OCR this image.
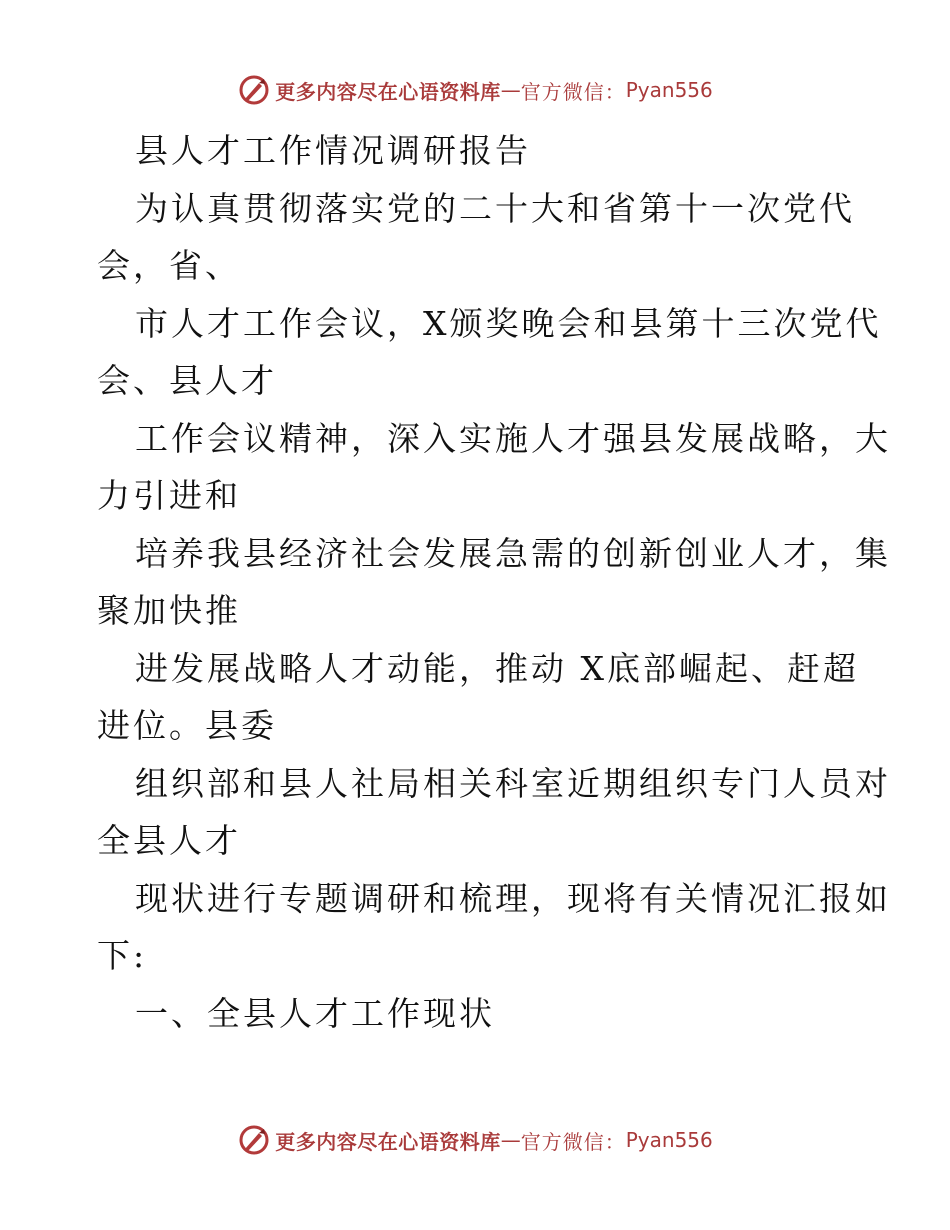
更多内容尽在心语资料库 — 官方微信： Pyan556
县人才工作情况调研报告
为认真贯彻落实党的二十大和省第十一次党代
会，省、
市人才工作会议，X颁奖晚会和县第十三次党代
会、县人才
工作会议精神，深入实施人才强县发展战略，大
力引进和
培养我县经济社会发展急需的创新创业人才，集
聚加快推
进发展战略人才动能，推动 X底部崛起、赶超
进位。县委
组织部和县人社局相关科室近期组织专门人员对
全县人才
现状进行专题调研和梳理，现将有关情况汇报如
下:
一、全县人才工作现状
更多内容尽在心语资料库 — 官方微信： Pyan556
